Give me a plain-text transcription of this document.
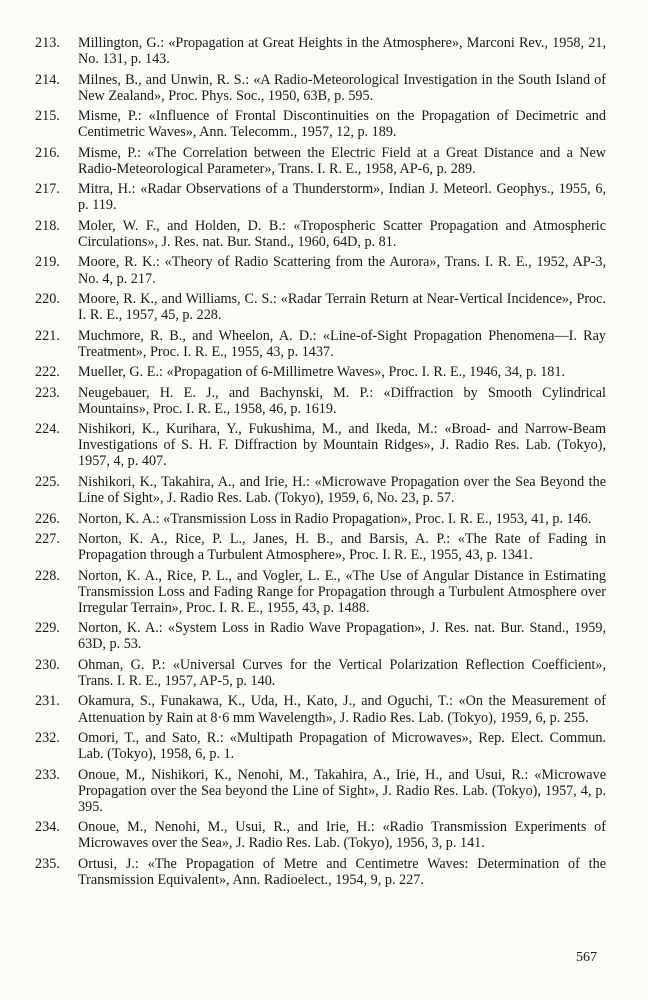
213. Millington, G.: «Propagation at Great Heights in the Atmosphere», Marconi Rev., 1958, 21, No. 131, p. 143.
214. Milnes, B., and Unwin, R. S.: «A Radio-Meteorological Investigation in the South Island of New Zealand», Proc. Phys. Soc., 1950, 63B, p. 595.
215. Misme, P.: «Influence of Frontal Discontinuities on the Propagation of Decimetric and Centimetric Waves», Ann. Telecomm., 1957, 12, p. 189.
216. Misme, P.: «The Correlation between the Electric Field at a Great Distance and a New Radio-Meteorological Parameter», Trans. I. R. E., 1958, AP-6, p. 289.
217. Mitra, H.: «Radar Observations of a Thunderstorm», Indian J. Meteorl. Geophys., 1955, 6, p. 119.
218. Moler, W. F., and Holden, D. B.: «Tropospheric Scatter Propagation and Atmospheric Circulations», J. Res. nat. Bur. Stand., 1960, 64D, p. 81.
219. Moore, R. K.: «Theory of Radio Scattering from the Aurora», Trans. I. R. E., 1952, AP-3, No. 4, p. 217.
220. Moore, R. K., and Williams, C. S.: «Radar Terrain Return at Near-Vertical Incidence», Proc. I. R. E., 1957, 45, p. 228.
221. Muchmore, R. B., and Wheelon, A. D.: «Line-of-Sight Propagation Phenomena—I. Ray Treatment», Proc. I. R. E., 1955, 43, p. 1437.
222. Mueller, G. E.: «Propagation of 6-Millimetre Waves», Proc. I. R. E., 1946, 34, p. 181.
223. Neugebauer, H. E. J., and Bachynski, M. P.: «Diffraction by Smooth Cylindrical Mountains», Proc. I. R. E., 1958, 46, p. 1619.
224. Nishikori, K., Kurihara, Y., Fukushima, M., and Ikeda, M.: «Broad- and Narrow-Beam Investigations of S. H. F. Diffraction by Mountain Ridges», J. Radio Res. Lab. (Tokyo), 1957, 4, p. 407.
225. Nishikori, K., Takahira, A., and Irie, H.: «Microwave Propagation over the Sea Beyond the Line of Sight», J. Radio Res. Lab. (Tokyo), 1959, 6, No. 23, p. 57.
226. Norton, K. A.: «Transmission Loss in Radio Propagation», Proc. I. R. E., 1953, 41, p. 146.
227. Norton, K. A., Rice, P. L., Janes, H. B., and Barsis, A. P.: «The Rate of Fading in Propagation through a Turbulent Atmosphere», Proc. I. R. E., 1955, 43, p. 1341.
228. Norton, K. A., Rice, P. L., and Vogler, L. E., «The Use of Angular Distance in Estimating Transmission Loss and Fading Range for Propagation through a Turbulent Atmosphere over Irregular Terrain», Proc. I. R. E., 1955, 43, p. 1488.
229. Norton, K. A.: «System Loss in Radio Wave Propagation», J. Res. nat. Bur. Stand., 1959, 63D, p. 53.
230. Ohman, G. P.: «Universal Curves for the Vertical Polarization Reflection Coefficient», Trans. I. R. E., 1957, AP-5, p. 140.
231. Okamura, S., Funakawa, K., Uda, H., Kato, J., and Oguchi, T.: «On the Measurement of Attenuation by Rain at 8·6 mm Wavelength», J. Radio Res. Lab. (Tokyo), 1959, 6, p. 255.
232. Omori, T., and Sato, R.: «Multipath Propagation of Microwaves», Rep. Elect. Commun. Lab. (Tokyo), 1958, 6, p. 1.
233. Onoue, M., Nishikori, K., Nenohi, M., Takahira, A., Irie, H., and Usui, R.: «Microwave Propagation over the Sea beyond the Line of Sight», J. Radio Res. Lab. (Tokyo), 1957, 4, p. 395.
234. Onoue, M., Nenohi, M., Usui, R., and Irie, H.: «Radio Transmission Experiments of Microwaves over the Sea», J. Radio Res. Lab. (Tokyo), 1956, 3, p. 141.
235. Ortusi, J.: «The Propagation of Metre and Centimetre Waves: Determination of the Transmission Equivalent», Ann. Radioelect., 1954, 9, p. 227.
567
